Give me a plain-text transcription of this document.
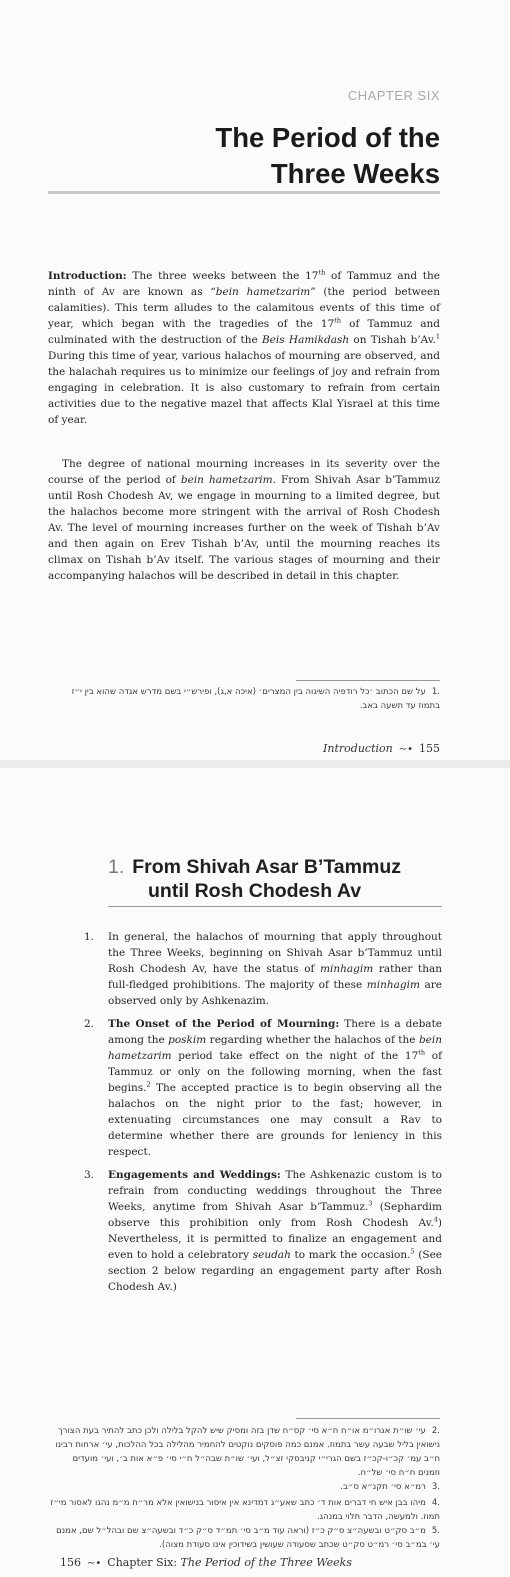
CHAPTER SIX
The Period of the
Three Weeks

Introduction: The three weeks between the 17th of Tammuz and the ninth of Av are known as “bein hametzarim” (the period between calamities). This term alludes to the calamitous events of this time of year, which began with the tragedies of the 17th of Tammuz and culminated with the destruction of the Beis Hamikdash on Tishah b’Av.$^1$ During this time of year, various halachos of mourning are observed, and the halachah requires us to minimize our feelings of joy and refrain from engaging in celebration. It is also customary to refrain from certain activities due to the negative mazel that affects Klal Yisrael at this time of year.

The degree of national mourning increases in its severity over the course of the period of bein hametzarim. From Shivah Asar b’Tammuz until Rosh Chodesh Av, we engage in mourning to a limited degree, but the halachos become more stringent with the arrival of Rosh Chodesh Av. The level of mourning increases further on the week of Tishah b’Av and then again on Erev Tishah b’Av, until the mourning reaches its climax on Tishah b’Av itself. The various stages of mourning and their accompanying halachos will be described in detail in this chapter.

.1על שם הכתוב ׳כל רודפיה השיגוה בין המצרים׳ (איכה א,ג), ופירש״י בשם מדרש אגדה שהוא בין י״ז בתמוז עד תשעה באב.
Introduction ∼• 155
1. From Shivah Asar B’Tammuz
until Rosh Chodesh Av
1. In general, the halachos of mourning that apply throughout the Three Weeks, beginning on Shivah Asar b’Tammuz until Rosh Chodesh Av, have the status of minhagim rather than full-fledged prohibitions. The majority of these minhagim are observed only by Ashkenazim.
2. The Onset of the Period of Mourning: There is a debate among the poskim regarding whether the halachos of the bein hametzarim period take effect on the night of the 17th of Tammuz or only on the following morning, when the fast begins.$^2$ The accepted practice is to begin observing all the halachos on the night prior to the fast; however, in extenuating circumstances one may consult a Rav to determine whether there are grounds for leniency in this respect.
3. Engagements and Weddings: The Ashkenazic custom is to refrain from conducting weddings throughout the Three Weeks, anytime from Shivah Asar b’Tammuz.$^3$ (Sephardim observe this prohibition only from Rosh Chodesh Av.$^4$) Nevertheless, it is permitted to finalize an engagement and even to hold a celebratory seudah to mark the occasion.$^5$ (See section 2 below regarding an engagement party after Rosh Chodesh Av.)
.2עי׳ שו״ת אגרו״מ או״ח ח״א סי׳ קס״ח שדן בזה ומסיק שיש להקל בלילה ולכן כתב להתיר בעת הצורך נישואין בליל שבעה עשר בתמוז. אמנם כמה פוסקים נוקטים להחמיר מהלילה בכל ההלכות, עי׳ ארחות רבינו ח״ב עמ׳ קכ״ו-קכ״ז בשם הגרי״י קניבסקי זצ״ל, ועי׳ שו״ת שבה״ל ח״י סי׳ פ״א אות ב׳, ועי׳ מועדים וזמנים ח״ח סי׳ של״ח.
.3רמ״א סי׳ תקנ״א ס״ב.
.4מיהו בבן איש חי דברים אות ד׳ כתב שאע״ג דמדינא אין איסור בנישואין אלא מר״ח מ״מ נהגו לאסור מי״ז תמוז. ולמעשה, הדבר תלוי במנהג.
.5מ״ב סק״ט ובשעה״צ ס״ק כ״ז (וראה עוד מ״ב סי׳ תמ״ד ס״ק כ״ד ובשעה״צ שם ובהל״ל שם, אמנם עי׳ במ״ב סי׳ רמ״ט סק״ט שכתב שסעודה שעושין בשידוכין אינו סעודת מצוה).
156 ∼• Chapter Six: The Period of the Three Weeks
